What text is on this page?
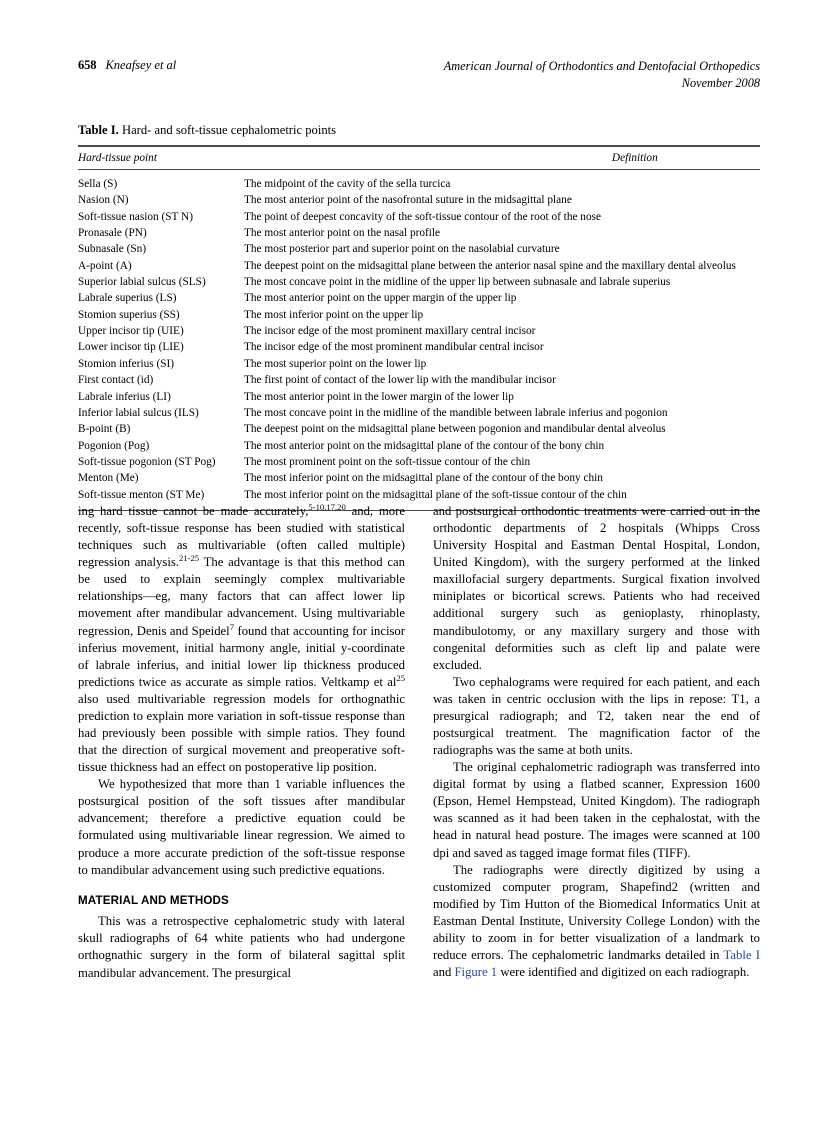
658 Kneafsey et al	American Journal of Orthodontics and Dentofacial Orthopedics
November 2008
Table I. Hard- and soft-tissue cephalometric points
Hard-tissue point	Definition
Sella (S)	The midpoint of the cavity of the sella turcica
Nasion (N)	The most anterior point of the nasofrontal suture in the midsagittal plane
Soft-tissue nasion (ST N)	The point of deepest concavity of the soft-tissue contour of the root of the nose
Pronasale (PN)	The most anterior point on the nasal profile
Subnasale (Sn)	The most posterior part and superior point on the nasolabial curvature
A-point (A)	The deepest point on the midsagittal plane between the anterior nasal spine and the maxillary dental alveolus
Superior labial sulcus (SLS)	The most concave point in the midline of the upper lip between subnasale and labrale superius
Labrale superius (LS)	The most anterior point on the upper margin of the upper lip
Stomion superius (SS)	The most inferior point on the upper lip
Upper incisor tip (UIE)	The incisor edge of the most prominent maxillary central incisor
Lower incisor tip (LIE)	The incisor edge of the most prominent mandibular central incisor
Stomion inferius (SI)	The most superior point on the lower lip
First contact (id)	The first point of contact of the lower lip with the mandibular incisor
Labrale inferius (LI)	The most anterior point in the lower margin of the lower lip
Inferior labial sulcus (ILS)	The most concave point in the midline of the mandible between labrale inferius and pogonion
B-point (B)	The deepest point on the midsagittal plane between pogonion and mandibular dental alveolus
Pogonion (Pog)	The most anterior point on the midsagittal plane of the contour of the bony chin
Soft-tissue pogonion (ST Pog)	The most prominent point on the soft-tissue contour of the chin
Menton (Me)	The most inferior point on the midsagittal plane of the contour of the bony chin
Soft-tissue menton (ST Me)	The most inferior point on the midsagittal plane of the soft-tissue contour of the chin

ing hard tissue cannot be made accurately,$^{5-10,17,20}$ and, more recently, soft-tissue response has been studied with statistical techniques such as multivariable (often called multiple) regression analysis.$^{21-25}$ The advantage is that this method can be used to explain seemingly complex multivariable relationships—eg, many factors that can affect lower lip movement after mandibular advancement. Using multivariable regression, Denis and Speidel$^7$ found that accounting for incisor inferius movement, initial harmony angle, initial y-coordinate of labrale inferius, and initial lower lip thickness produced predictions twice as accurate as simple ratios. Veltkamp et $al^{25}$ also used multivariable regression models for orthognathic prediction to explain more variation in soft-tissue response than had previously been possible with simple ratios. They found that the direction of surgical movement and preoperative soft-tissue thickness had an effect on postoperative lip position.

We hypothesized that more than 1 variable influences the postsurgical position of the soft tissues after mandibular advancement; therefore a predictive equation could be formulated using multivariable linear regression. We aimed to produce a more accurate prediction of the soft-tissue response to mandibular advancement using such predictive equations.

MATERIAL AND METHODS

This was a retrospective cephalometric study with lateral skull radiographs of 64 white patients who had undergone orthognathic surgery in the form of bilateral sagittal split mandibular advancement. The presurgical

and postsurgical orthodontic treatments were carried out in the orthodontic departments of 2 hospitals (Whipps Cross University Hospital and Eastman Dental Hospital, London, United Kingdom), with the surgery performed at the linked maxillofacial surgery departments. Surgical fixation involved miniplates or bicortical screws. Patients who had received additional surgery such as genioplasty, rhinoplasty, mandibulotomy, or any maxillary surgery and those with congenital deformities such as cleft lip and palate were excluded.

Two cephalograms were required for each patient, and each was taken in centric occlusion with the lips in repose: T1, a presurgical radiograph; and T2, taken near the end of postsurgical treatment. The magnification factor of the radiographs was the same at both units.

The original cephalometric radiograph was transferred into digital format by using a flatbed scanner, Expression 1600 (Epson, Hemel Hempstead, United Kingdom). The radiograph was scanned as it had been taken in the cephalostat, with the head in natural head posture. The images were scanned at 100 dpi and saved as tagged image format files (TIFF).

The radiographs were directly digitized by using a customized computer program, Shapefind2 (written and modified by Tim Hutton of the Biomedical Informatics Unit at Eastman Dental Institute, University College London) with the ability to zoom in for better visualization of a landmark to reduce errors. The cephalometric landmarks detailed in Table I and Figure 1 were identified and digitized on each radiograph.
